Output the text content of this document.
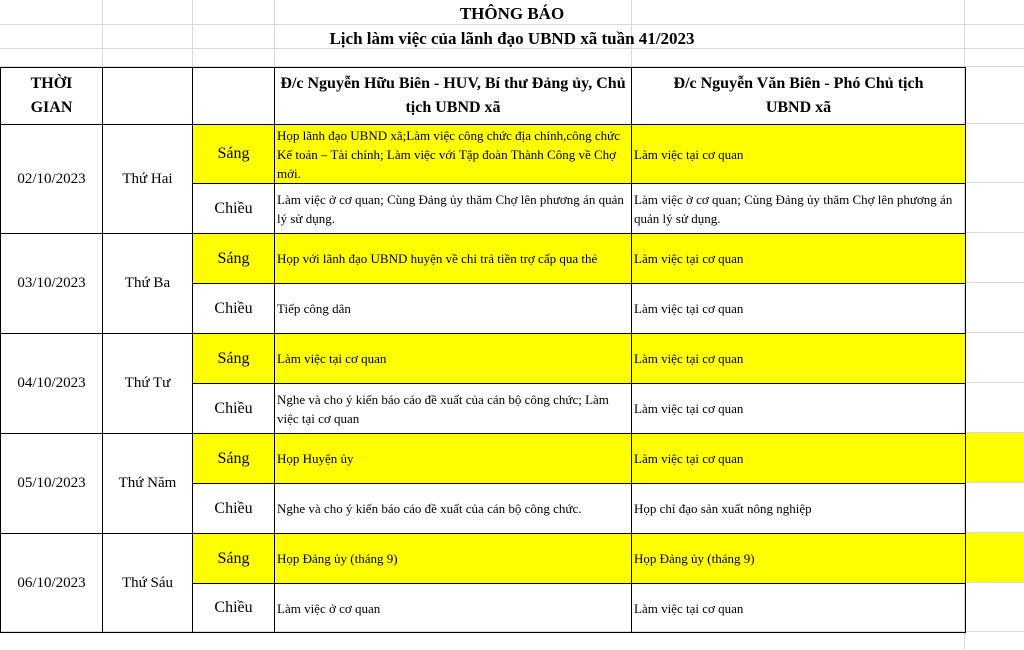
THÔNG BÁO
Lịch làm việc của lãnh đạo UBND xã tuần 41/2023
THỜI GIAN			Đ/c Nguyễn Hữu Biên - HUV, Bí thư Đảng ủy, Chủ tịch UBND xã	Đ/c Nguyễn Văn Biên - Phó Chủ tịch UBND xã
02/10/2023	Thứ Hai	Sáng	Họp lãnh đạo UBND xã;Làm việc công chức địa chính,công chức Kế toán – Tài chính; Làm việc với Tập đoàn Thành Công về Chợ mới.	Làm việc tại cơ quan
		Chiều	Làm việc ở cơ quan; Cùng Đảng ủy thăm Chợ lên phương án quản lý sử dụng.	Làm việc ở cơ quan; Cùng Đảng ủy thăm Chợ lên phương án quản lý sử dụng.
03/10/2023	Thứ Ba	Sáng	Họp với lãnh đạo UBND huyện về chi trả tiền trợ cấp qua thẻ	Làm việc tại cơ quan
		Chiều	Tiếp công dân	Làm việc tại cơ quan
04/10/2023	Thứ Tư	Sáng	Làm việc tại cơ quan	Làm việc tại cơ quan
		Chiều	Nghe và cho ý kiến báo cáo đề xuất của cán bộ công chức; Làm việc tại cơ quan	Làm việc tại cơ quan
05/10/2023	Thứ Năm	Sáng	Họp Huyện ủy	Làm việc tại cơ quan
		Chiều	Nghe và cho ý kiến báo cáo đề xuất của cán bộ công chức.	Họp chỉ đạo sản xuất nông nghiệp
06/10/2023	Thứ Sáu	Sáng	Họp Đảng ủy (tháng 9)	Họp Đảng ủy (tháng 9)
		Chiều	Làm việc ở cơ quan	Làm việc tại cơ quan
